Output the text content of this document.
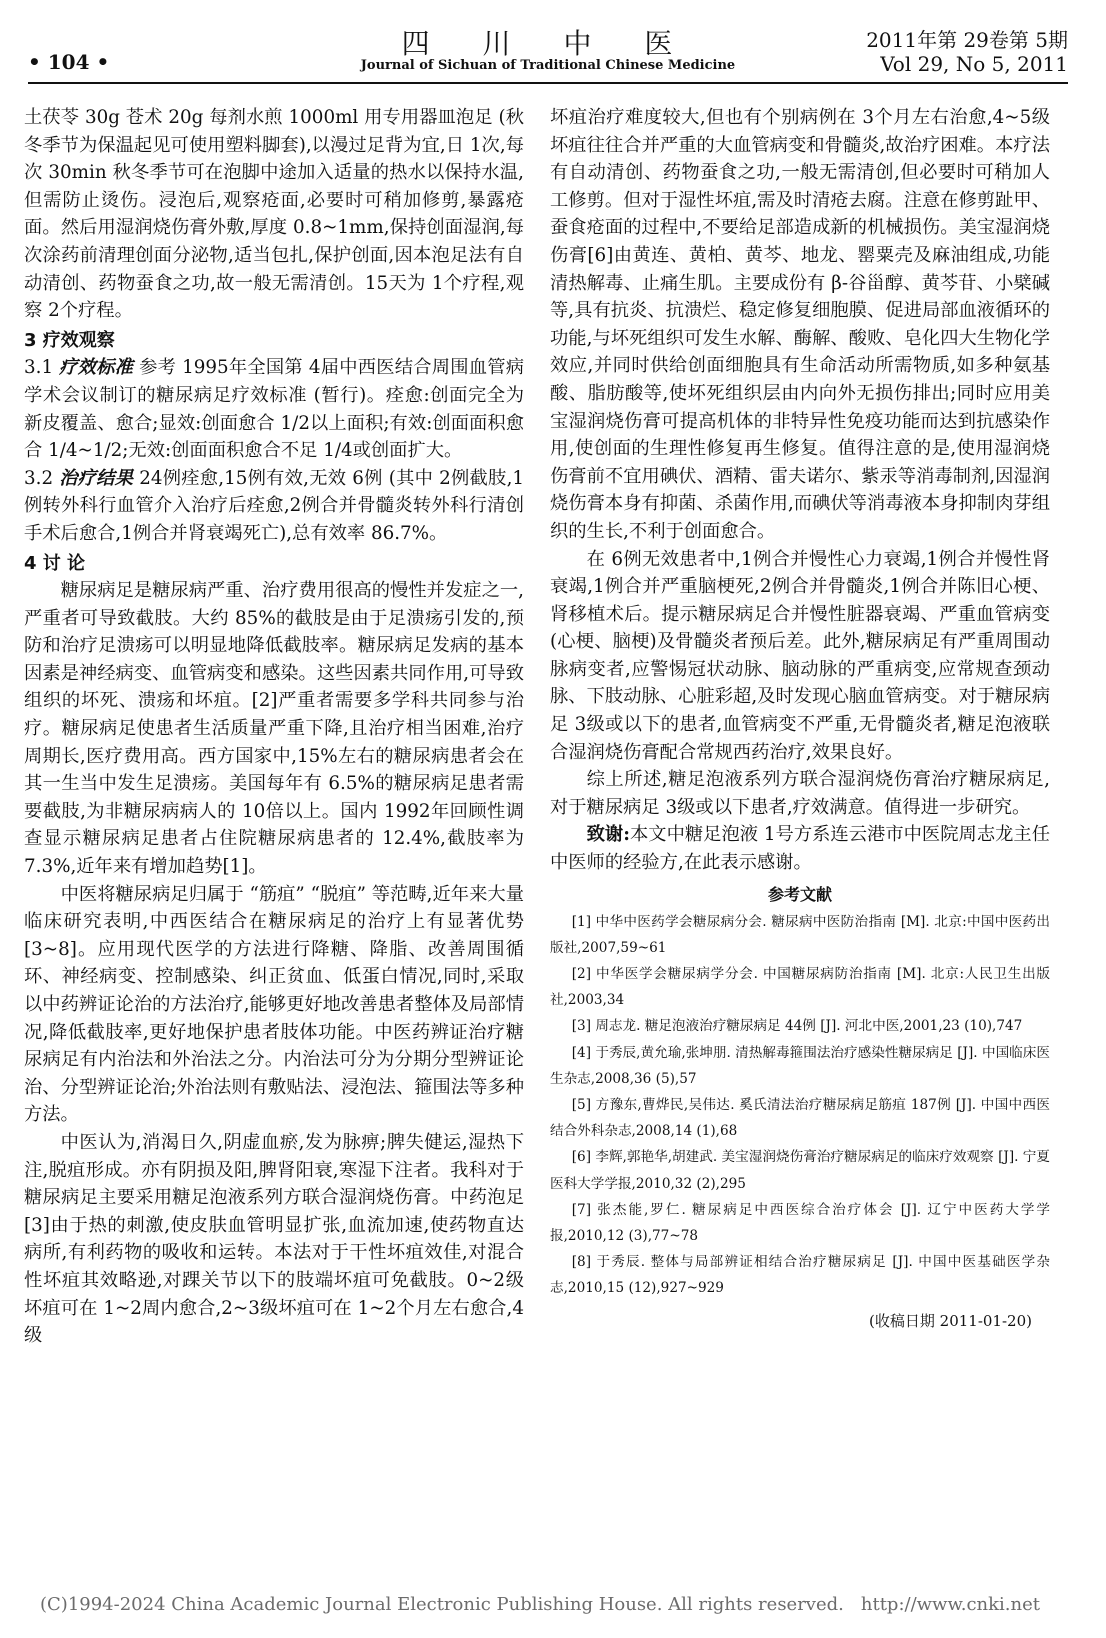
• 104 •
四 川 中 医
Journal of Sichuan of Traditional Chinese Medicine
2011年第 29卷第 5期
Vol 29, No 5, 2011

土茯苓 30g 苍术 20g 每剂水煎 1000ml 用专用器皿泡足 (秋冬季节为保温起见可使用塑料脚套),以漫过足背为宜,日 1次,每次 30min 秋冬季节可在泡脚中途加入适量的热水以保持水温,但需防止烫伤。浸泡后,观察疮面,必要时可稍加修剪,暴露疮面。然后用湿润烧伤膏外敷,厚度 0.8~1mm,保持创面湿润,每次涂药前清理创面分泌物,适当包扎,保护创面,因本泡足法有自动清创、药物蚕食之功,故一般无需清创。15天为 1个疗程,观察 2个疗程。

3 疗效观察

3.1 疗效标准 参考 1995年全国第 4届中西医结合周围血管病学术会议制订的糖尿病足疗效标准 (暂行)。痊愈:创面完全为新皮覆盖、愈合;显效:创面愈合 1/2以上面积;有效:创面面积愈合 1/4~1/2;无效:创面面积愈合不足 1/4或创面扩大。

3.2 治疗结果 24例痊愈,15例有效,无效 6例 (其中 2例截肢,1例转外科行血管介入治疗后痊愈,2例合并骨髓炎转外科行清创手术后愈合,1例合并肾衰竭死亡),总有效率 86.7%。

4 讨 论

糖尿病足是糖尿病严重、治疗费用很高的慢性并发症之一,严重者可导致截肢。大约 85%的截肢是由于足溃疡引发的,预防和治疗足溃疡可以明显地降低截肢率。糖尿病足发病的基本因素是神经病变、血管病变和感染。这些因素共同作用,可导致组织的坏死、溃疡和坏疽。[2]严重者需要多学科共同参与治疗。糖尿病足使患者生活质量严重下降,且治疗相当困难,治疗周期长,医疗费用高。西方国家中,15%左右的糖尿病患者会在其一生当中发生足溃疡。美国每年有 6.5%的糖尿病足患者需要截肢,为非糖尿病病人的 10倍以上。国内 1992年回顾性调查显示糖尿病足患者占住院糖尿病患者的 12.4%,截肢率为 7.3%,近年来有增加趋势[1]。

中医将糖尿病足归属于 “筋疽” “脱疽” 等范畴,近年来大量临床研究表明,中西医结合在糖尿病足的治疗上有显著优势[3~8]。应用现代医学的方法进行降糖、降脂、改善周围循环、神经病变、控制感染、纠正贫血、低蛋白情况,同时,采取以中药辨证论治的方法治疗,能够更好地改善患者整体及局部情况,降低截肢率,更好地保护患者肢体功能。中医药辨证治疗糖尿病足有内治法和外治法之分。内治法可分为分期分型辨证论治、分型辨证论治;外治法则有敷贴法、浸泡法、箍围法等多种方法。

中医认为,消渴日久,阴虚血瘀,发为脉痹;脾失健运,湿热下注,脱疽形成。亦有阴损及阳,脾肾阳衰,寒湿下注者。我科对于糖尿病足主要采用糖足泡液系列方联合湿润烧伤膏。中药泡足[3]由于热的刺激,使皮肤血管明显扩张,血流加速,使药物直达病所,有利药物的吸收和运转。本法对于干性坏疽效佳,对混合性坏疽其效略逊,对踝关节以下的肢端坏疽可免截肢。0~2级坏疽可在 1~2周内愈合,2~3级坏疽可在 1~2个月左右愈合,4级

坏疽治疗难度较大,但也有个别病例在 3个月左右治愈,4~5级坏疽往往合并严重的大血管病变和骨髓炎,故治疗困难。本疗法有自动清创、药物蚕食之功,一般无需清创,但必要时可稍加人工修剪。但对于湿性坏疽,需及时清疮去腐。注意在修剪趾甲、蚕食疮面的过程中,不要给足部造成新的机械损伤。美宝湿润烧伤膏[6]由黄连、黄柏、黄芩、地龙、罂粟壳及麻油组成,功能清热解毒、止痛生肌。主要成份有 β-谷甾醇、黄芩苷、小檗碱等,具有抗炎、抗溃烂、稳定修复细胞膜、促进局部血液循环的功能,与坏死组织可发生水解、酶解、酸败、皂化四大生物化学效应,并同时供给创面细胞具有生命活动所需物质,如多种氨基酸、脂肪酸等,使坏死组织层由内向外无损伤排出;同时应用美宝湿润烧伤膏可提高机体的非特异性免疫功能而达到抗感染作用,使创面的生理性修复再生修复。值得注意的是,使用湿润烧伤膏前不宜用碘伏、酒精、雷夫诺尔、紫汞等消毒制剂,因湿润烧伤膏本身有抑菌、杀菌作用,而碘伏等消毒液本身抑制肉芽组织的生长,不利于创面愈合。

在 6例无效患者中,1例合并慢性心力衰竭,1例合并慢性肾衰竭,1例合并严重脑梗死,2例合并骨髓炎,1例合并陈旧心梗、肾移植术后。提示糖尿病足合并慢性脏器衰竭、严重血管病变 (心梗、脑梗)及骨髓炎者预后差。此外,糖尿病足有严重周围动脉病变者,应警惕冠状动脉、脑动脉的严重病变,应常规查颈动脉、下肢动脉、心脏彩超,及时发现心脑血管病变。对于糖尿病足 3级或以下的患者,血管病变不严重,无骨髓炎者,糖足泡液联合湿润烧伤膏配合常规西药治疗,效果良好。

综上所述,糖足泡液系列方联合湿润烧伤膏治疗糖尿病足,对于糖尿病足 3级或以下患者,疗效满意。值得进一步研究。

致谢:本文中糖足泡液 1号方系连云港市中医院周志龙主任中医师的经验方,在此表示感谢。

参考文献

[1] 中华中医药学会糖尿病分会. 糖尿病中医防治指南 [M]. 北京:中国中医药出版社,2007,59~61

[2] 中华医学会糖尿病学分会. 中国糖尿病防治指南 [M]. 北京:人民卫生出版社,2003,34

[3] 周志龙. 糖足泡液治疗糖尿病足 44例 [J]. 河北中医,2001,23 (10),747

[4] 于秀辰,黄允瑜,张坤朋. 清热解毒箍围法治疗感染性糖尿病足 [J]. 中国临床医生杂志,2008,36 (5),57

[5] 方豫东,曹烨民,吴伟达. 奚氏清法治疗糖尿病足筋疽 187例 [J]. 中国中西医结合外科杂志,2008,14 (1),68

[6] 李辉,郭艳华,胡建武. 美宝湿润烧伤膏治疗糖尿病足的临床疗效观察 [J]. 宁夏医科大学学报,2010,32 (2),295

[7] 张杰能,罗仁. 糖尿病足中西医综合治疗体会 [J]. 辽宁中医药大学学报,2010,12 (3),77~78

[8] 于秀辰. 整体与局部辨证相结合治疗糖尿病足 [J]. 中国中医基础医学杂志,2010,15 (12),927~929

(收稿日期 2011-01-20)
(C)1994-2024 China Academic Journal Electronic Publishing House. All rights reserved. http://www.cnki.net
